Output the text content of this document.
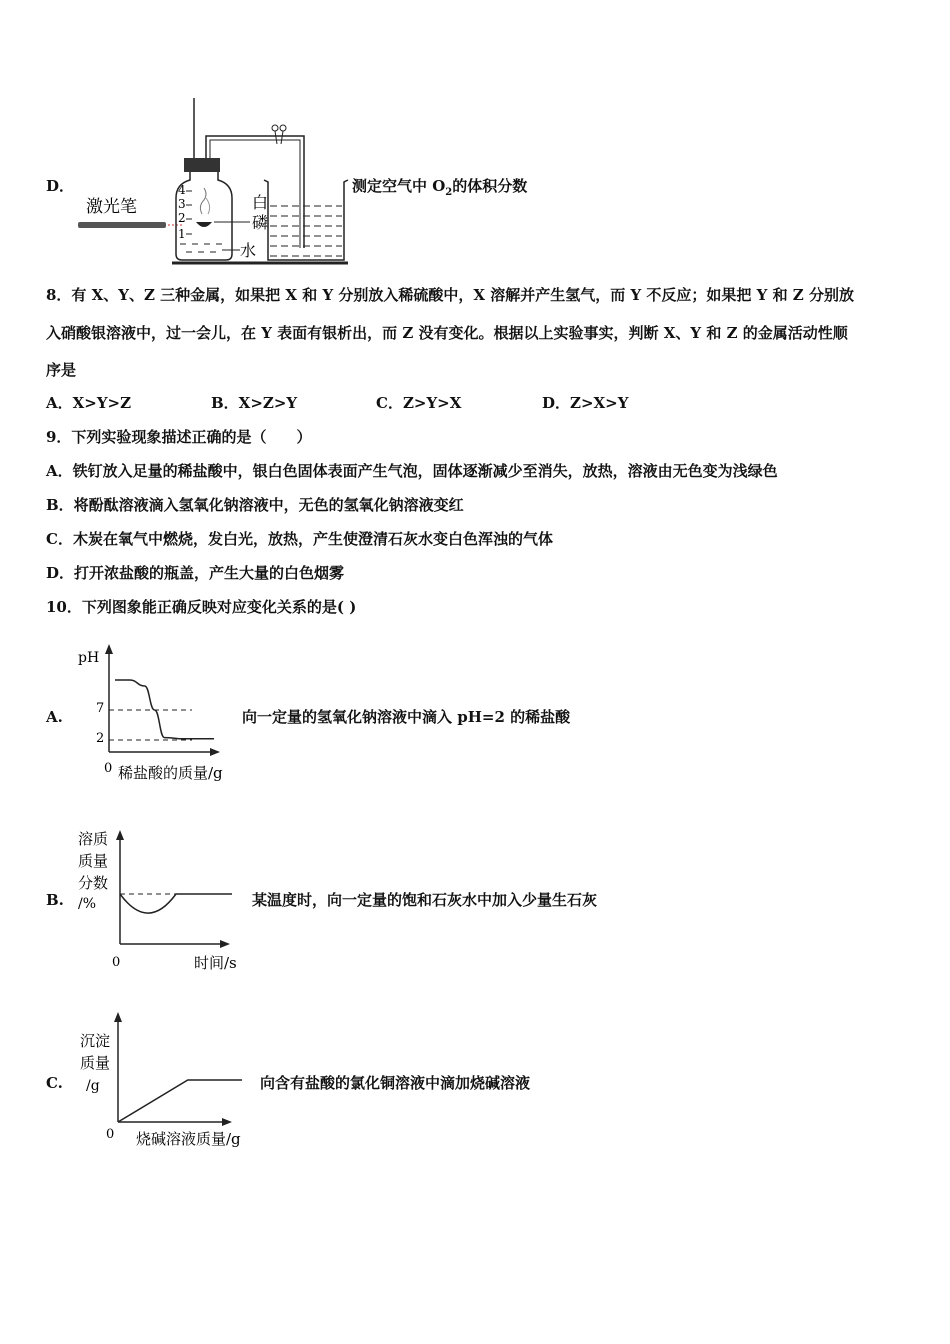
D．
激光笔
4
3
2
1
白
磷
水
测定空气中 $O_2$的体积分数
8．有 X、Y、Z 三种金属，如果把 X 和 Y 分别放入稀硫酸中，X 溶解并产生氢气，而 Y 不反应；如果把 Y 和 Z 分别放
入硝酸银溶液中，过一会儿，在 Y 表面有银析出，而 Z 没有变化。根据以上实验事实，判断 X、Y 和 Z 的金属活动性顺
序是
A．X>Y>Z	B．X>Z>Y	C．Z>Y>X	D．Z>X>Y
9．下列实验现象描述正确的是（　　）
A．铁钉放入足量的稀盐酸中，银白色固体表面产生气泡，固体逐渐减少至消失，放热，溶液由无色变为浅绿色
B．将酚酞溶液滴入氢氧化钠溶液中，无色的氢氧化钠溶液变红
C．木炭在氧气中燃烧，发白光，放热，产生使澄清石灰水变白色浑浊的气体
D．打开浓盐酸的瓶盖，产生大量的白色烟雾
10．下列图象能正确反映对应变化关系的是( )
A.
pH
7
2
0 稀盐酸的质量/g
向一定量的氢氧化钠溶液中滴入 pH=2 的稀盐酸
B.
溶质
质量
分数
/%
0	时间/s
某温度时，向一定量的饱和石灰水中加入少量生石灰
C.
沉淀
质量
/g
0 烧碱溶液质量/g
向含有盐酸的氯化铜溶液中滴加烧碱溶液
